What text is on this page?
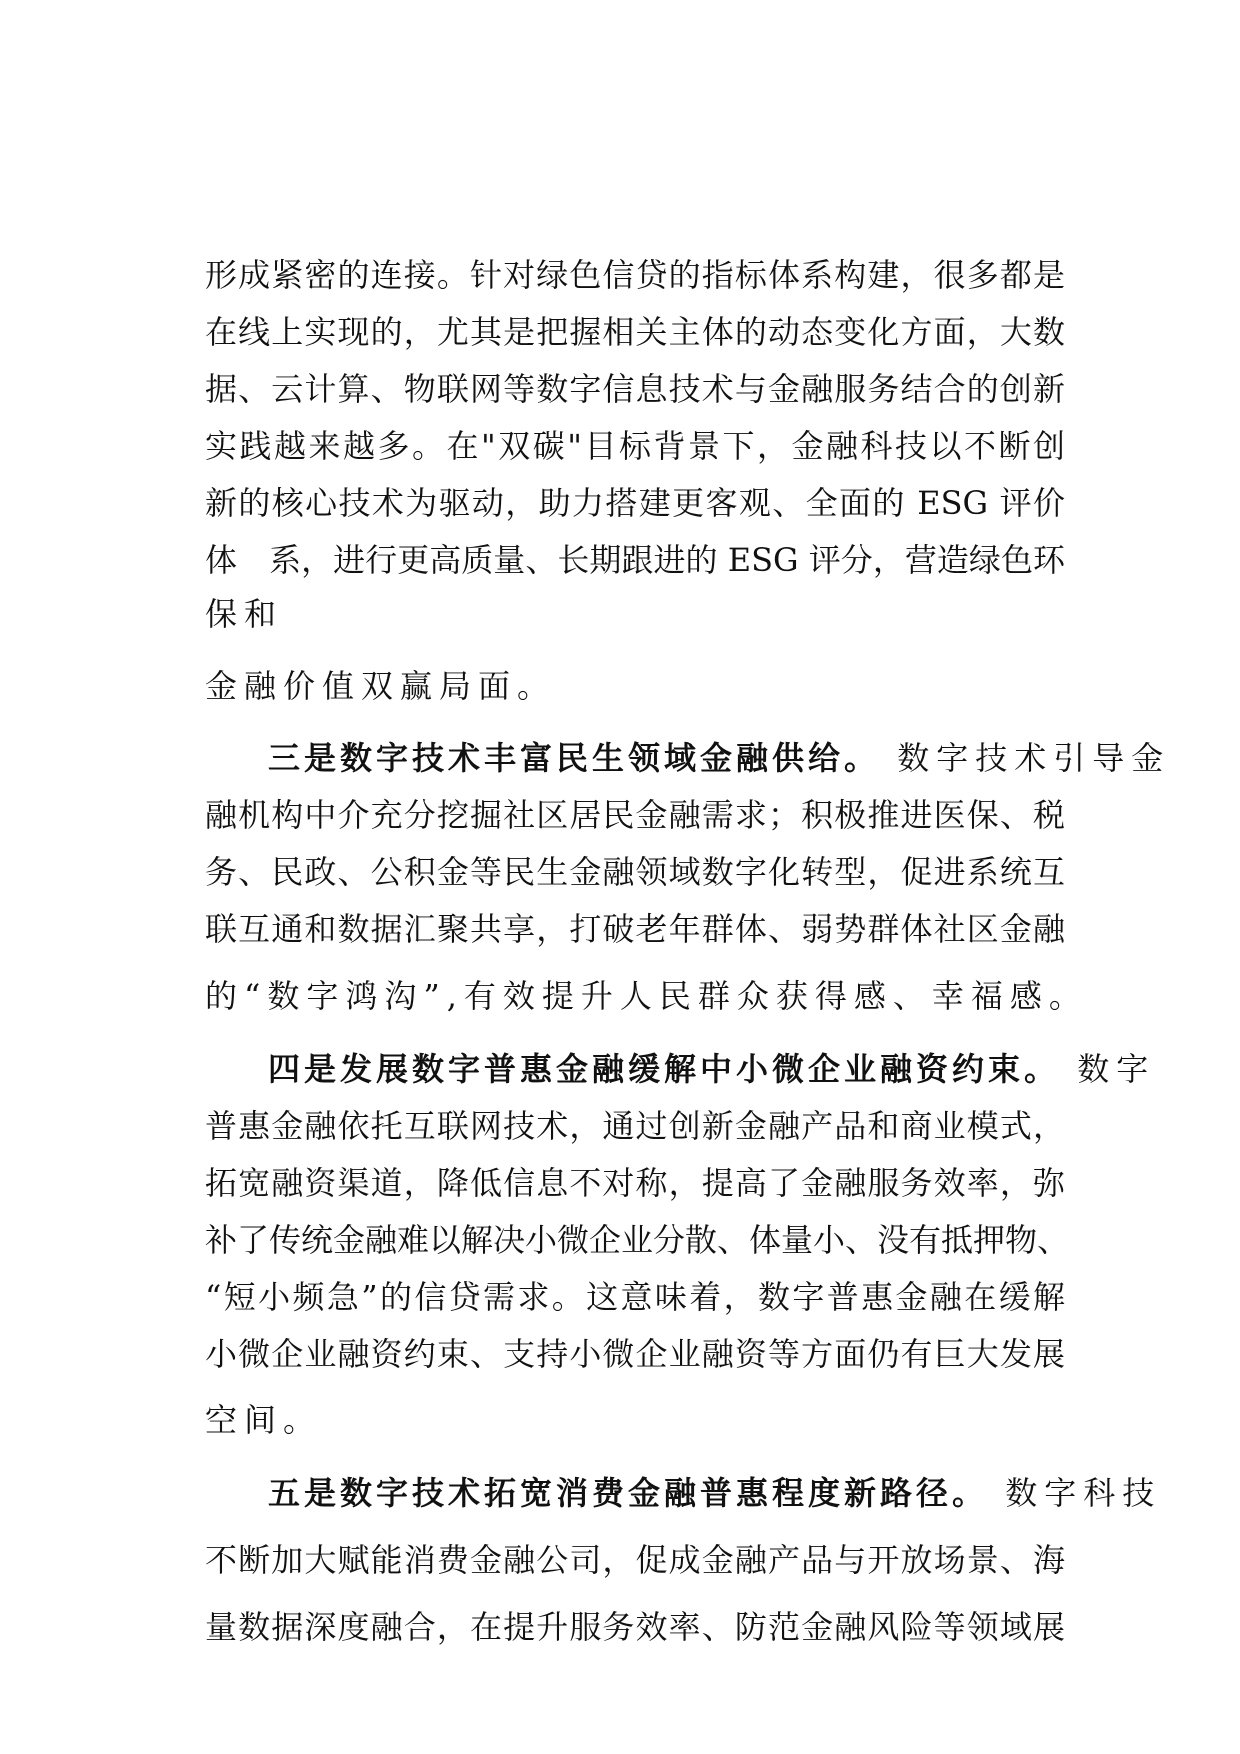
形成紧密的连接。针对绿色信贷的指标体系构建，很多都是
在线上实现的，尤其是把握相关主体的动态变化方面，大数
据、云计算、物联网等数字信息技术与金融服务结合的创新
实践越来越多。在"双碳"目标背景下，金融科技以不断创
新的核心技术为驱动，助力搭建更客观、全面的 ESG 评价
体　系，进行更高质量、长期跟进的 ESG 评分，营造绿色环
保和
金融价值双赢局面。
三是数字技术丰富民生领域金融供给。 数字技术引导金
融机构中介充分挖掘社区居民金融需求；积极推进医保、税
务、民政、公积金等民生金融领域数字化转型，促进系统互
联互通和数据汇聚共享，打破老年群体、弱势群体社区金融
的“数字鸿沟”,有效提升人民群众获得感、幸福感。
四是发展数字普惠金融缓解中小微企业融资约束。 数字
普惠金融依托互联网技术，通过创新金融产品和商业模式，
拓宽融资渠道，降低信息不对称，提高了金融服务效率，弥
补了传统金融难以解决小微企业分散、体量小、没有抵押物、
“短小频急”的信贷需求。这意味着，数字普惠金融在缓解
小微企业融资约束、支持小微企业融资等方面仍有巨大发展
空间。
五是数字技术拓宽消费金融普惠程度新路径。 数字科技
不断加大赋能消费金融公司，促成金融产品与开放场景、海
量数据深度融合，在提升服务效率、防范金融风险等领域展
